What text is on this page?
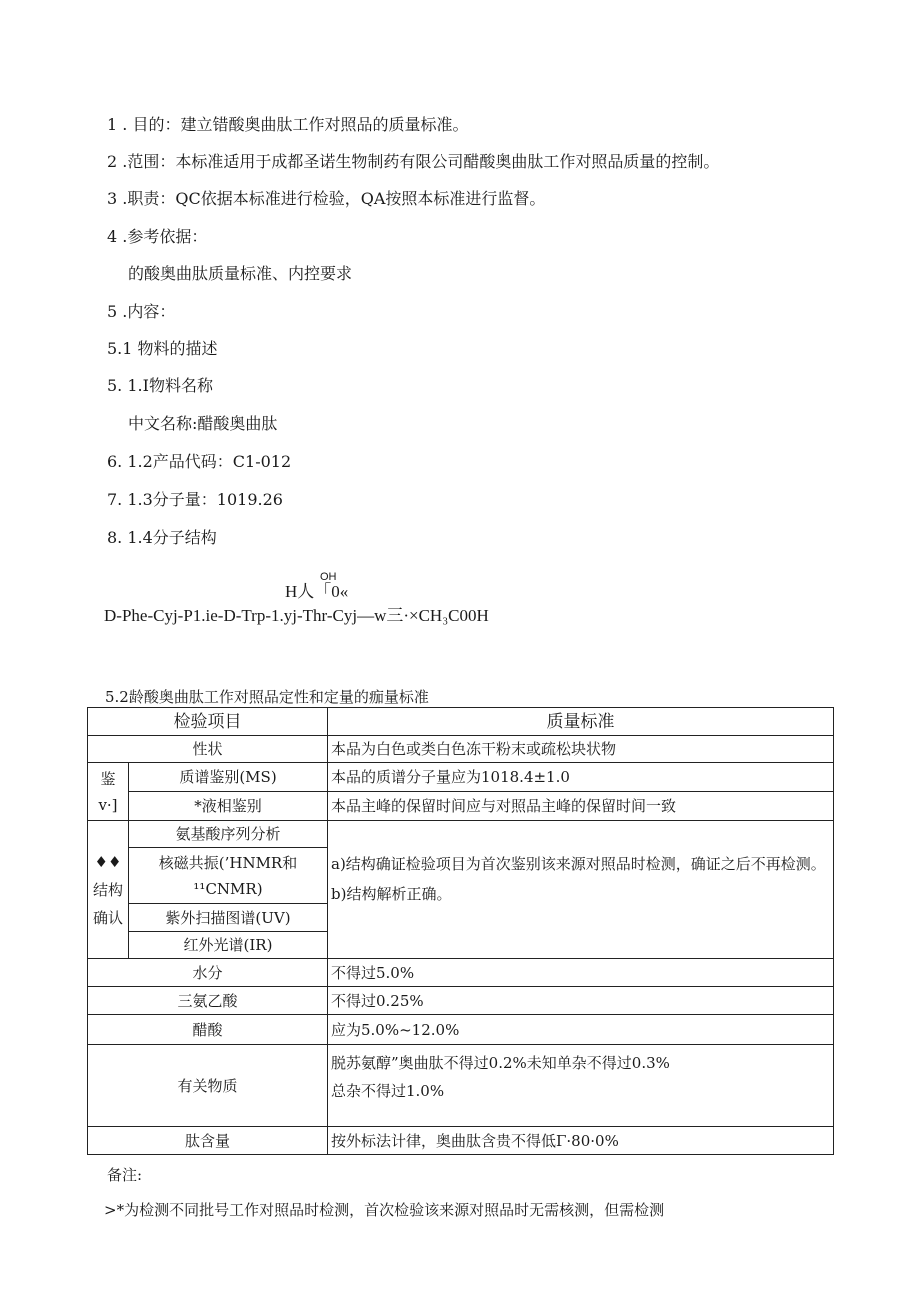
1 . 目的：建立错酸奥曲肽工作对照品的质量标准。
2 .范围：本标准适用于成都圣诺生物制药有限公司醋酸奥曲肽工作对照品质量的控制。
3 .职责：QC依据本标准进行检验，QA按照本标准进行监督。
4 .参考依据：
的酸奥曲肽质量标准、内控要求
5 .内容：
5.1 物料的描述
5. 1.I物料名称
中文名称:醋酸奥曲肽
6. 1.2产品代码：C1-012
7. 1.3分子量：1019.26
8. 1.4分子结构
OH
H人「0«
D-Phe-Cyj-P1.ie-D-Trp-1.yj-Thr-Cyj—w三·×CH₃C00H
5.2龄酸奥曲肽工作对照品定性和定量的痂量标准
检验项目		质量标准
性状		本品为白色或类白色冻干粉末或疏松块状物
鉴v·]	质谱鉴别(MS)	本品的质谱分子量应为1018.4±1.0
	*液相鉴别	本品主峰的保留时间应与对照品主峰的保留时间一致
♦♦结构确认	氨基酸序列分析	a)结构确证检验项目为首次鉴别该来源对照品时检测，确证之后不再检测。
b)结构解析正确。

	核磁共振(’HNMR和¹¹CNMR)	
	紫外扫描图谱(UV)	
	红外光谱(IR)	
水分		不得过5.0%
三氨乙酸		不得过0.25%
醋酸		应为5.0%~12.0%
有关物质		脱苏氨醇”奥曲肽不得过0.2%未知单杂不得过0.3%
总杂不得过1.0%

肽含量		按外标法计律，奥曲肽含贵不得低Γ·80·0%
备注:
>*为检测不同批号工作对照品时检测，首次检验该来源对照品时无需核测，但需检测
